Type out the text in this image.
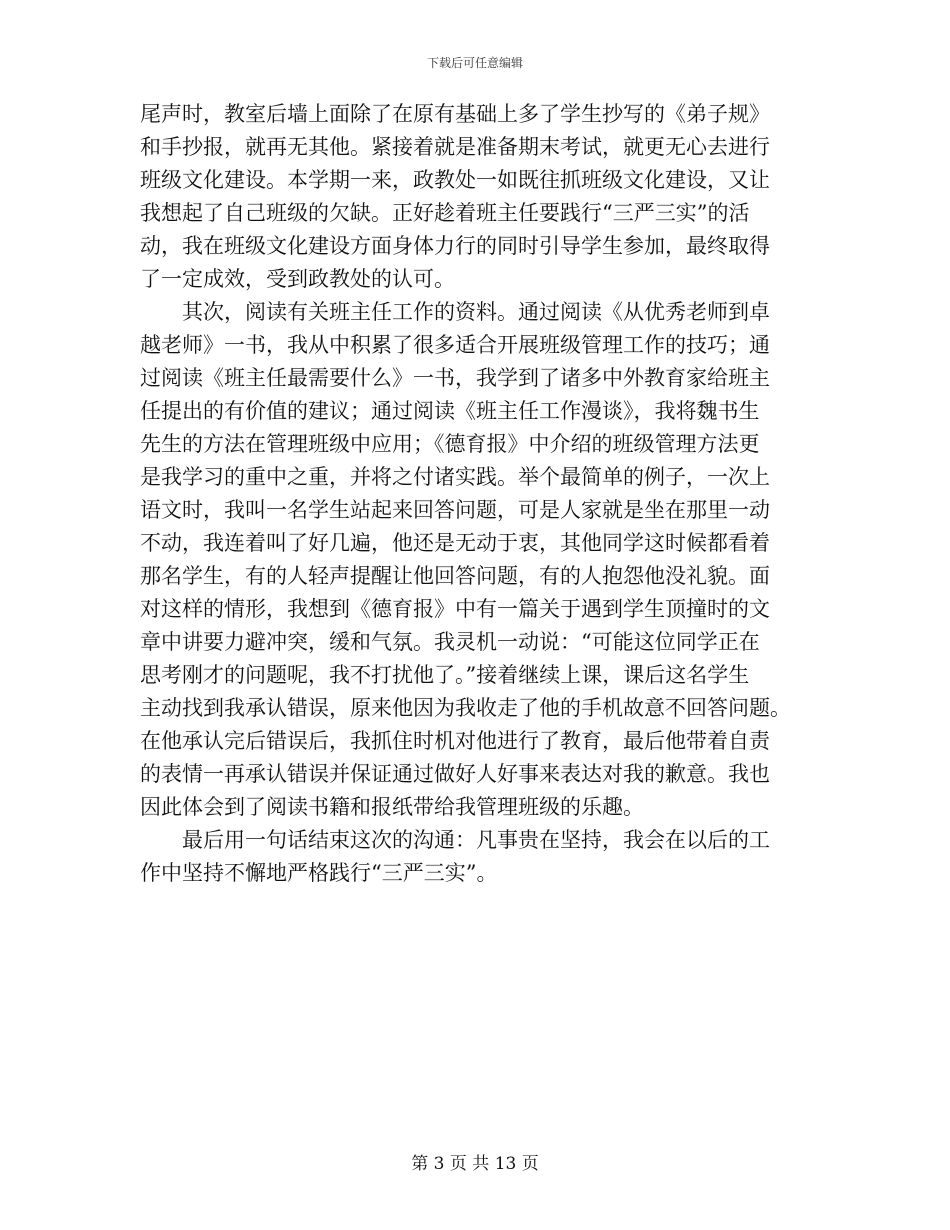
下载后可任意编辑
尾声时，教室后墙上面除了在原有基础上多了学生抄写的《弟子规》
和手抄报，就再无其他。紧接着就是准备期末考试，就更无心去进行
班级文化建设。本学期一来，政教处一如既往抓班级文化建设，又让
我想起了自己班级的欠缺。正好趁着班主任要践行“三严三实”的活
动，我在班级文化建设方面身体力行的同时引导学生参加，最终取得
了一定成效，受到政教处的认可。
　　其次，阅读有关班主任工作的资料。通过阅读《从优秀老师到卓
越老师》一书，我从中积累了很多适合开展班级管理工作的技巧；通
过阅读《班主任最需要什么》一书，我学到了诸多中外教育家给班主
任提出的有价值的建议；通过阅读《班主任工作漫谈》，我将魏书生
先生的方法在管理班级中应用；《德育报》中介绍的班级管理方法更
是我学习的重中之重，并将之付诸实践。举个最简单的例子，一次上
语文时，我叫一名学生站起来回答问题，可是人家就是坐在那里一动
不动，我连着叫了好几遍，他还是无动于衷，其他同学这时候都看着
那名学生，有的人轻声提醒让他回答问题，有的人抱怨他没礼貌。面
对这样的情形，我想到《德育报》中有一篇关于遇到学生顶撞时的文
章中讲要力避冲突，缓和气氛。我灵机一动说：“可能这位同学正在
思考刚才的问题呢，我不打扰他了。”接着继续上课，课后这名学生
主动找到我承认错误，原来他因为我收走了他的手机故意不回答问题。
在他承认完后错误后，我抓住时机对他进行了教育，最后他带着自责
的表情一再承认错误并保证通过做好人好事来表达对我的歉意。我也
因此体会到了阅读书籍和报纸带给我管理班级的乐趣。
　　最后用一句话结束这次的沟通：凡事贵在坚持，我会在以后的工
作中坚持不懈地严格践行“三严三实”。
第 3 页 共 13 页
